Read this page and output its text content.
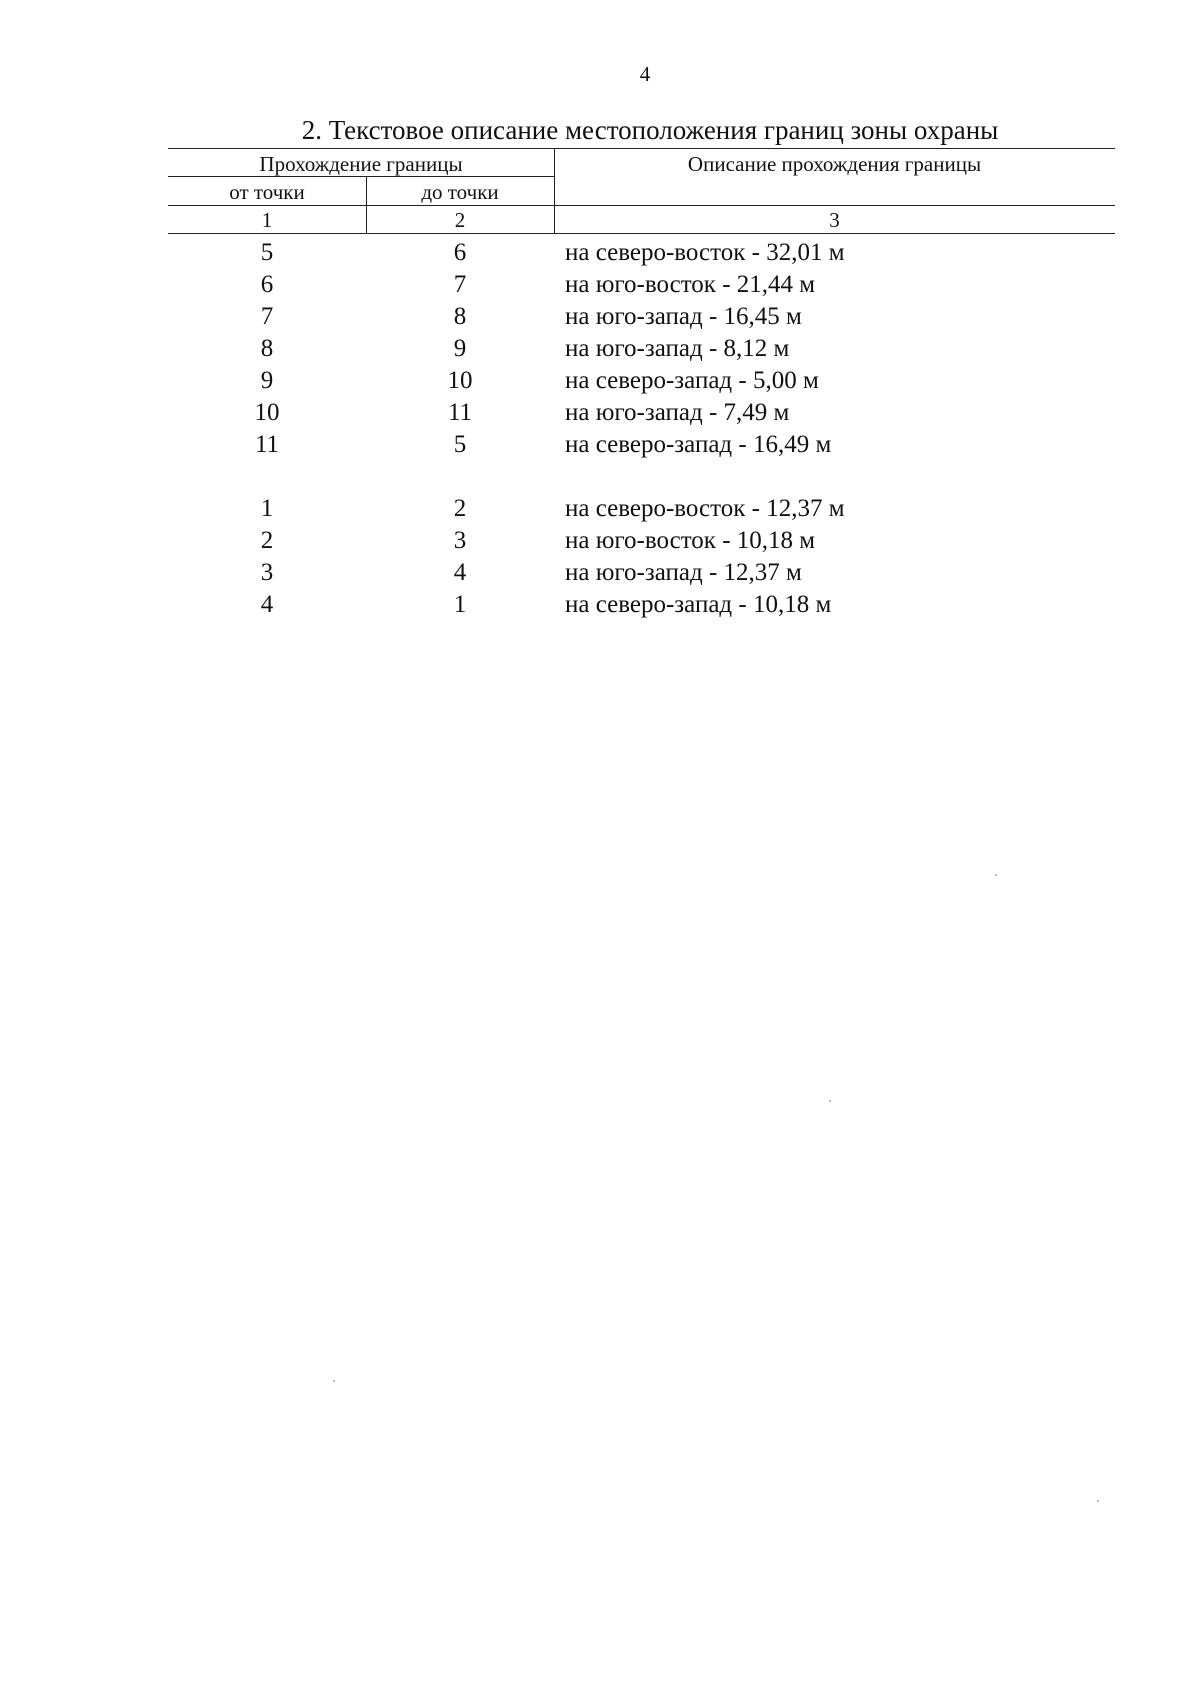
4
2. Текстовое описание местоположения границ зоны охраны
Прохождение границы	Описание прохождения границы
от точки	до точки
1	2	3
5	6	на северо-восток - 32,01 м
6	7	на юго-восток - 21,44 м
7	8	на юго-запад - 16,45 м
8	9	на юго-запад - 8,12 м
9	10	на северо-запад - 5,00 м
10	11	на юго-запад - 7,49 м
11	5	на северо-запад - 16,49 м
1	2	на северо-восток - 12,37 м
2	3	на юго-восток - 10,18 м
3	4	на юго-запад - 12,37 м
4	1	на северо-запад - 10,18 м
